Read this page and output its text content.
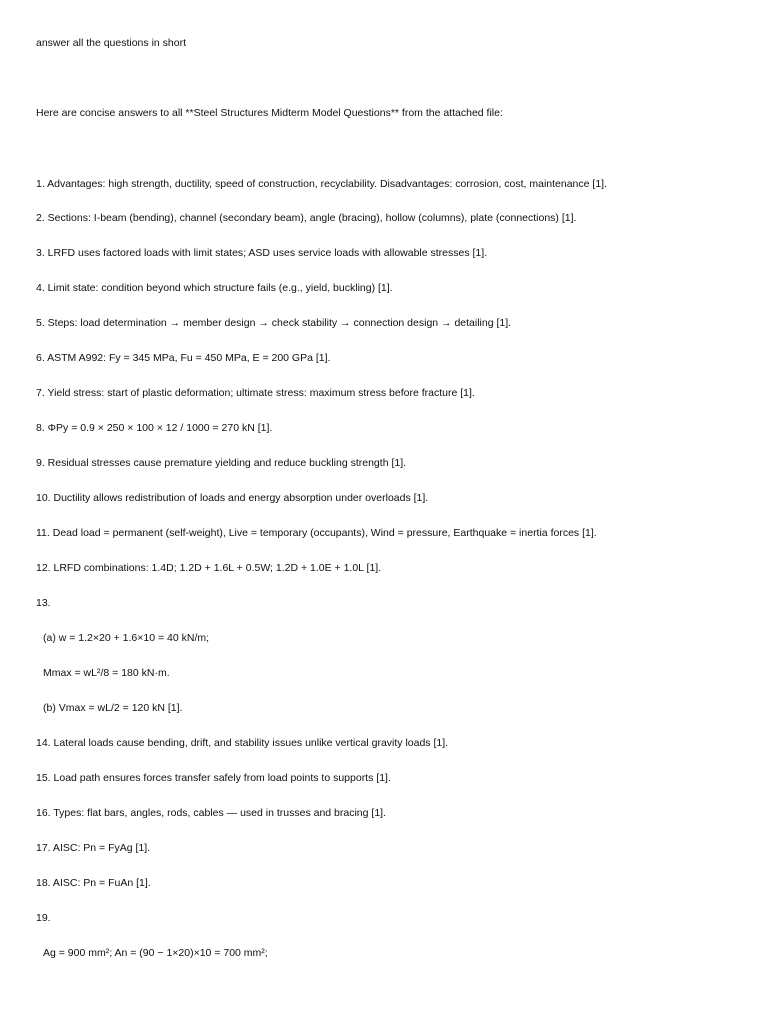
answer all the questions in short
Here are concise answers to all **Steel Structures Midterm Model Questions** from the attached file:
1. Advantages: high strength, ductility, speed of construction, recyclability. Disadvantages: corrosion, cost, maintenance [1].
2. Sections: I-beam (bending), channel (secondary beam), angle (bracing), hollow (columns), plate (connections) [1].
3. LRFD uses factored loads with limit states; ASD uses service loads with allowable stresses [1].
4. Limit state: condition beyond which structure fails (e.g., yield, buckling) [1].
5. Steps: load determination → member design → check stability → connection design → detailing [1].
6. ASTM A992: Fy = 345 MPa, Fu = 450 MPa, E = 200 GPa [1].
7. Yield stress: start of plastic deformation; ultimate stress: maximum stress before fracture [1].
8. ΦPy = 0.9 × 250 × 100 × 12 / 1000 = 270 kN [1].
9. Residual stresses cause premature yielding and reduce buckling strength [1].
10. Ductility allows redistribution of loads and energy absorption under overloads [1].
11. Dead load = permanent (self-weight), Live = temporary (occupants), Wind = pressure, Earthquake = inertia forces [1].
12. LRFD combinations: 1.4D; 1.2D + 1.6L + 0.5W; 1.2D + 1.0E + 1.0L [1].
13.
(a) w = 1.2×20 + 1.6×10 = 40 kN/m;
Mmax = wL²/8 = 180 kN·m.
(b) Vmax = wL/2 = 120 kN [1].
14. Lateral loads cause bending, drift, and stability issues unlike vertical gravity loads [1].
15. Load path ensures forces transfer safely from load points to supports [1].
16. Types: flat bars, angles, rods, cables — used in trusses and bracing [1].
17. AISC: Pn = FyAg [1].
18. AISC: Pn = FuAn [1].
19.
Ag = 900 mm²; An = (90 − 1×20)×10 = 700 mm²;
